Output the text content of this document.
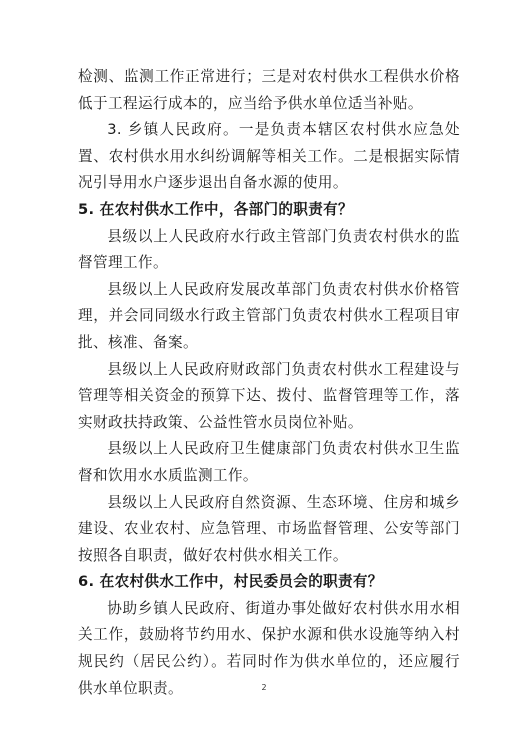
检测、监测工作正常进行；三是对农村供水工程供水价格低于工程运行成本的，应当给予供水单位适当补贴。

3. 乡镇人民政府。一是负责本辖区农村供水应急处置、农村供水用水纠纷调解等相关工作。二是根据实际情况引导用水户逐步退出自备水源的使用。

5. 在农村供水工作中，各部门的职责有？

县级以上人民政府水行政主管部门负责农村供水的监督管理工作。

县级以上人民政府发展改革部门负责农村供水价格管理，并会同同级水行政主管部门负责农村供水工程项目审批、核准、备案。

县级以上人民政府财政部门负责农村供水工程建设与管理等相关资金的预算下达、拨付、监督管理等工作，落实财政扶持政策、公益性管水员岗位补贴。

县级以上人民政府卫生健康部门负责农村供水卫生监督和饮用水水质监测工作。

县级以上人民政府自然资源、生态环境、住房和城乡建设、农业农村、应急管理、市场监督管理、公安等部门按照各自职责，做好农村供水相关工作。

6. 在农村供水工作中，村民委员会的职责有？

协助乡镇人民政府、街道办事处做好农村供水用水相关工作，鼓励将节约用水、保护水源和供水设施等纳入村规民约（居民公约）。若同时作为供水单位的，还应履行供水单位职责。	2
